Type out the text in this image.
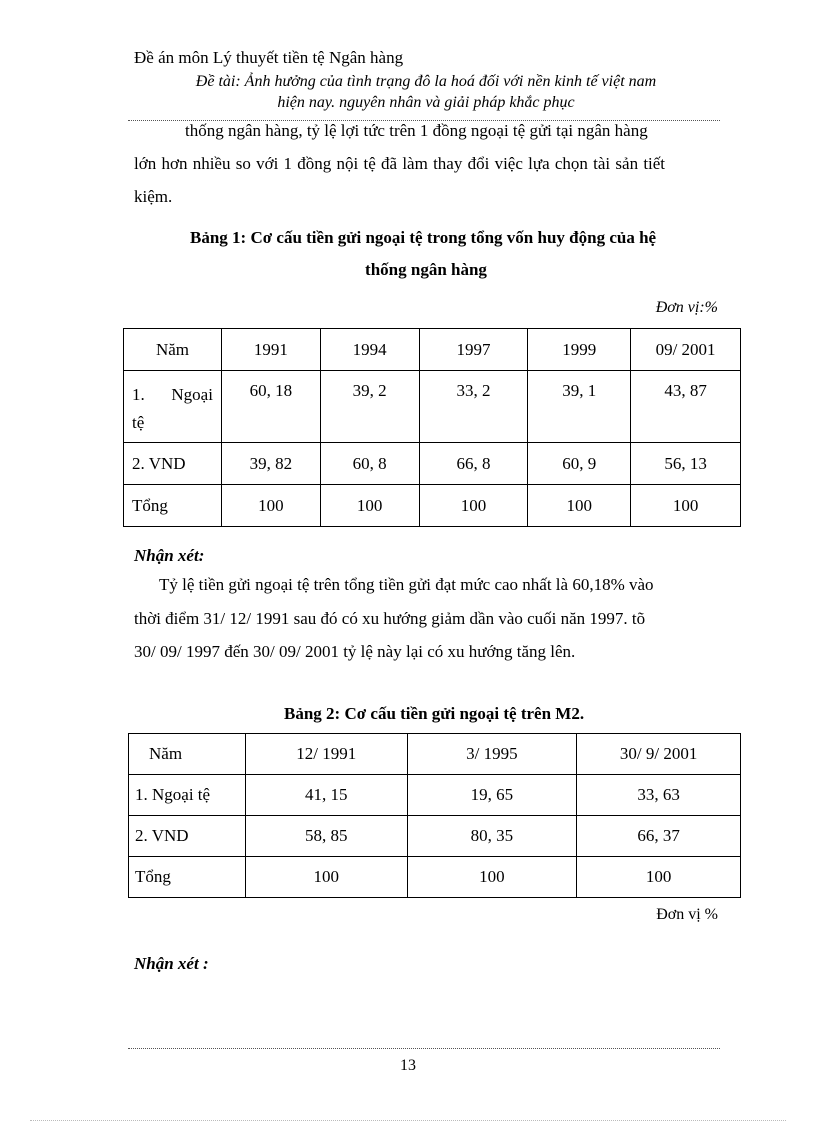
Đề án môn Lý thuyết tiền tệ Ngân hàng
Đề tài: Ảnh hưởng của tình trạng đô la hoá đối với nền kinh tế việt nam
hiện nay. nguyên nhân và giải pháp khắc phục
thống ngân hàng, tỷ lệ lợi tức trên 1 đồng ngoại tệ gửi tại ngân hàng
lớn hơn nhiều so với 1 đồng nội tệ đã làm thay đổi việc lựa chọn tài sản tiết
kiệm.
Bảng 1: Cơ cấu tiền gửi ngoại tệ trong tổng vốn huy động của hệ
thống ngân hàng
Đơn vị:%
Năm	1991	1994	1997	1999	09/ 2001

1. Ngoại
tệ	60, 18	39, 2	33, 2	39, 1	43, 87
2. VND	39, 82	60, 8	66, 8	60, 9	56, 13
Tổng	100	100	100	100	100
Nhận xét:
Tỷ lệ tiền gửi ngoại tệ trên tổng tiền gửi đạt mức cao nhất là 60,18% vào
thời điểm 31/ 12/ 1991 sau đó có xu hướng giảm dần vào cuối năn 1997. tõ
30/ 09/ 1997 đến 30/ 09/ 2001 tỷ lệ này lại có xu hướng tăng lên.
Bảng 2: Cơ cấu tiền gửi ngoại tệ trên M2.
Năm	12/ 1991	3/ 1995	30/ 9/ 2001
1. Ngoại tệ	41, 15	19, 65	33, 63
2. VND	58, 85	80, 35	66, 37
Tổng	100	100	100
Đơn vị %
Nhận xét :
13
